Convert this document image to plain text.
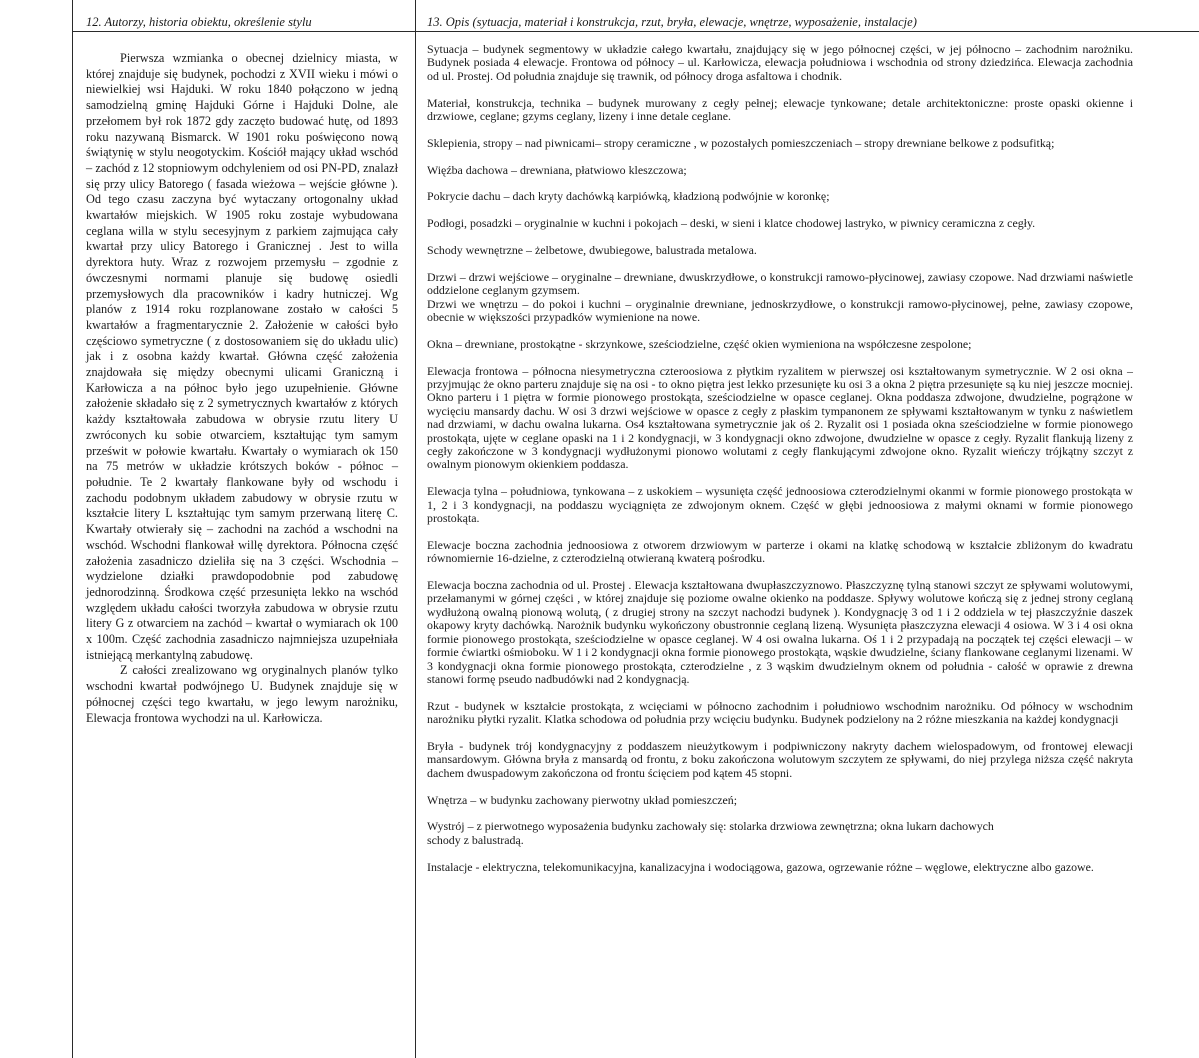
12. Autorzy, historia obiektu, określenie stylu	13. Opis (sytuacja, materiał i konstrukcja, rzut, bryła, elewacje, wnętrze, wyposażenie, instalacje)

Pierwsza wzmianka o obecnej dzielnicy miasta, w której znajduje się budynek, pochodzi z XVII wieku i mówi o niewielkiej wsi Hajduki. W roku 1840 połączono w jedną samodzielną gminę Hajduki Górne i Hajduki Dolne, ale przełomem był rok 1872 gdy zaczęto budować hutę, od 1893 roku nazywaną Bismarck. W 1901 roku poświęcono nową świątynię w stylu neogotyckim. Kościół mający układ wschód – zachód z 12 stopniowym odchyleniem od osi PN-PD, znalazł się przy ulicy Batorego ( fasada wieżowa – wejście główne ). Od tego czasu zaczyna być wytaczany ortogonalny układ kwartałów miejskich. W 1905 roku zostaje wybudowana ceglana willa w stylu secesyjnym z parkiem zajmująca cały kwartał przy ulicy Batorego i Granicznej . Jest to willa dyrektora huty. Wraz z rozwojem przemysłu – zgodnie z ówczesnymi normami planuje się budowę osiedli przemysłowych dla pracowników i kadry hutniczej. Wg planów z 1914 roku rozplanowane zostało w całości 5 kwartałów a fragmentarycznie 2. Założenie w całości było częściowo symetryczne ( z dostosowaniem się do układu ulic) jak i z osobna każdy kwartał. Główna część założenia znajdowała się między obecnymi ulicami Graniczną i Karłowicza a na północ było jego uzupełnienie. Główne założenie składało się z 2 symetrycznych kwartałów z których każdy kształtowała zabudowa w obrysie rzutu litery U zwróconych ku sobie otwarciem, kształtując tym samym prześwit w połowie kwartału. Kwartały o wymiarach ok 150 na 75 metrów w układzie krótszych boków - północ – południe. Te 2 kwartały flankowane były od wschodu i zachodu podobnym układem zabudowy w obrysie rzutu w kształcie litery L kształtując tym samym przerwaną literę C. Kwartały otwierały się – zachodni na zachód a wschodni na wschód. Wschodni flankował willę dyrektora. Północna część założenia zasadniczo dzieliła się na 3 części. Wschodnia – wydzielone działki prawdopodobnie pod zabudowę jednorodzinną. Środkowa część przesunięta lekko na wschód względem układu całości tworzyła zabudowa w obrysie rzutu litery G z otwarciem na zachód – kwartał o wymiarach ok 100 x 100m. Część zachodnia zasadniczo najmniejsza uzupełniała istniejącą merkantylną zabudowę.

Z całości zrealizowano wg oryginalnych planów tylko wschodni kwartał podwójnego U. Budynek znajduje się w północnej części tego kwartału, w jego lewym narożniku, Elewacja frontowa wychodzi na ul. Karłowicza.

Sytuacja – budynek segmentowy w układzie całego kwartału, znajdujący się w jego północnej części, w jej północno – zachodnim narożniku. Budynek posiada 4 elewacje. Frontowa od północy – ul. Karłowicza, elewacja południowa i wschodnia od strony dziedzińca. Elewacja zachodnia od ul. Prostej. Od południa znajduje się trawnik, od północy droga asfaltowa i chodnik.

Materiał, konstrukcja, technika – budynek murowany z cegły pełnej; elewacje tynkowane; detale architektoniczne: proste opaski okienne i drzwiowe, ceglane; gzyms ceglany, lizeny i inne detale ceglane.

Sklepienia, stropy – nad piwnicami– stropy ceramiczne , w pozostałych pomieszczeniach – stropy drewniane belkowe z podsufitką;

Więźba dachowa – drewniana, płatwiowo kleszczowa;

Pokrycie dachu – dach kryty dachówką karpiówką, kładzioną podwójnie w koronkę;

Podłogi, posadzki – oryginalnie w kuchni i pokojach – deski, w sieni i klatce chodowej lastryko, w piwnicy ceramiczna z cegły.

Schody wewnętrzne – żelbetowe, dwubiegowe, balustrada metalowa.

Drzwi – drzwi wejściowe – oryginalne – drewniane, dwuskrzydłowe, o konstrukcji ramowo-płycinowej, zawiasy czopowe. Nad drzwiami naświetle oddzielone ceglanym gzymsem.

Drzwi we wnętrzu – do pokoi i kuchni – oryginalnie drewniane, jednoskrzydłowe, o konstrukcji ramowo-płycinowej, pełne, zawiasy czopowe, obecnie w większości przypadków wymienione na nowe.

Okna – drewniane, prostokątne - skrzynkowe, sześciodzielne, część okien wymieniona na współczesne zespolone;

Elewacja frontowa – północna niesymetryczna czteroosiowa z płytkim ryzalitem w pierwszej osi kształtowanym symetrycznie. W 2 osi okna – przyjmując że okno parteru znajduje się na osi - to okno piętra jest lekko przesunięte ku osi 3 a okna 2 piętra przesunięte są ku niej jeszcze mocniej. Okno parteru i 1 piętra w formie pionowego prostokąta, sześciodzielne w opasce ceglanej. Okna poddasza zdwojone, dwudzielne, pogrążone w wycięciu mansardy dachu. W osi 3 drzwi wejściowe w opasce z cegły z płaskim tympanonem ze spływami kształtowanym w tynku z naświetlem nad drzwiami, w dachu owalna lukarna. Os4 kształtowana symetrycznie jak oś 2. Ryzalit osi 1 posiada okna sześciodzielne w formie pionowego prostokąta, ujęte w ceglane opaski na 1 i 2 kondygnacji, w 3 kondygnacji okno zdwojone, dwudzielne w opasce z cegły. Ryzalit flankują lizeny z cegły zakończone w 3 kondygnacji wydłużonymi pionowo wolutami z cegły flankującymi zdwojone okno. Ryzalit wieńczy trójkątny szczyt z owalnym pionowym okienkiem poddasza.

Elewacja tylna – południowa, tynkowana – z uskokiem – wysunięta część jednoosiowa czterodzielnymi okanmi w formie pionowego prostokąta w 1, 2 i 3 kondygnacji, na poddaszu wyciągnięta ze zdwojonym oknem. Część w głębi jednoosiowa z małymi oknami w formie pionowego prostokąta.

Elewacje boczna zachodnia jednoosiowa z otworem drzwiowym w parterze i okami na klatkę schodową w kształcie zbliżonym do kwadratu równomiernie 16-dzielne, z czterodzielną otwieraną kwaterą pośrodku.

Elewacja boczna zachodnia od ul. Prostej . Elewacja kształtowana dwupłaszczyznowo. Płaszczyznę tylną stanowi szczyt ze spływami wolutowymi, przełamanymi w górnej części , w której znajduje się poziome owalne okienko na poddasze. Spływy wolutowe kończą się z jednej strony ceglaną wydłużoną owalną pionową wolutą, ( z drugiej strony na szczyt nachodzi budynek ). Kondygnację 3 od 1 i 2 oddziela w tej płaszczyźnie daszek okapowy kryty dachówką. Narożnik budynku wykończony obustronnie ceglaną lizeną. Wysunięta płaszczyzna elewacji 4 osiowa. W 3 i 4 osi okna formie pionowego prostokąta, sześciodzielne w opasce ceglanej. W 4 osi owalna lukarna. Oś 1 i 2 przypadają na początek tej części elewacji – w formie ćwiartki ośmioboku. W 1 i 2 kondygnacji okna formie pionowego prostokąta, wąskie dwudzielne, ściany flankowane ceglanymi lizenami. W 3 kondygnacji okna formie pionowego prostokąta, czterodzielne , z 3 wąskim dwudzielnym oknem od południa - całość w oprawie z drewna stanowi formę pseudo nadbudówki nad 2 kondygnacją.

Rzut - budynek w kształcie prostokąta, z wcięciami w północno zachodnim i południowo wschodnim narożniku. Od północy w wschodnim narożniku płytki ryzalit. Klatka schodowa od południa przy wcięciu budynku. Budynek podzielony na 2 różne mieszkania na każdej kondygnacji

Bryła - budynek trój kondygnacyjny z poddaszem nieużytkowym i podpiwniczony nakryty dachem wielospadowym, od frontowej elewacji mansardowym. Główna bryła z mansardą od frontu, z boku zakończona wolutowym szczytem ze spływami, do niej przylega niższa część nakryta dachem dwuspadowym zakończona od frontu ścięciem pod kątem 45 stopni.

Wnętrza – w budynku zachowany pierwotny układ pomieszczeń;

Wystrój – z pierwotnego wyposażenia budynku zachowały się: stolarka drzwiowa zewnętrzna; okna lukarn dachowych

schody z balustradą.

Instalacje - elektryczna, telekomunikacyjna, kanalizacyjna i wodociągowa, gazowa, ogrzewanie różne – węglowe, elektryczne albo gazowe.
